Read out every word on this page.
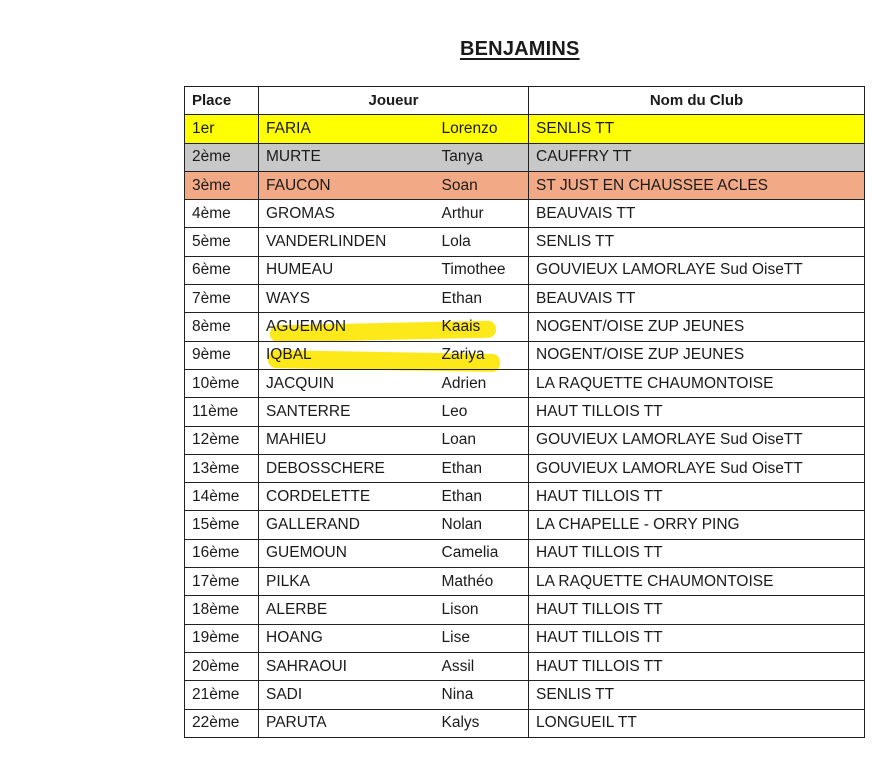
BENJAMINS
Place	Joueur		Nom du Club
1er	FARIA	Lorenzo	SENLIS TT
2ème	MURTE	Tanya	CAUFFRY TT
3ème	FAUCON	Soan	ST JUST EN CHAUSSEE ACLES
4ème	GROMAS	Arthur	BEAUVAIS TT
5ème	VANDERLINDEN	Lola	SENLIS TT
6ème	HUMEAU	Timothee	GOUVIEUX LAMORLAYE Sud OiseTT
7ème	WAYS	Ethan	BEAUVAIS TT
8ème	AGUEMON	Kaais	NOGENT/OISE ZUP JEUNES
9ème	IQBAL	Zariya	NOGENT/OISE ZUP JEUNES
10ème	JACQUIN	Adrien	LA RAQUETTE CHAUMONTOISE
11ème	SANTERRE	Leo	HAUT TILLOIS TT
12ème	MAHIEU	Loan	GOUVIEUX LAMORLAYE Sud OiseTT
13ème	DEBOSSCHERE	Ethan	GOUVIEUX LAMORLAYE Sud OiseTT
14ème	CORDELETTE	Ethan	HAUT TILLOIS TT
15ème	GALLERAND	Nolan	LA CHAPELLE - ORRY PING
16ème	GUEMOUN	Camelia	HAUT TILLOIS TT
17ème	PILKA	Mathéo	LA RAQUETTE CHAUMONTOISE
18ème	ALERBE	Lison	HAUT TILLOIS TT
19ème	HOANG	Lise	HAUT TILLOIS TT
20ème	SAHRAOUI	Assil	HAUT TILLOIS TT
21ème	SADI	Nina	SENLIS TT
22ème	PARUTA	Kalys	LONGUEIL TT
